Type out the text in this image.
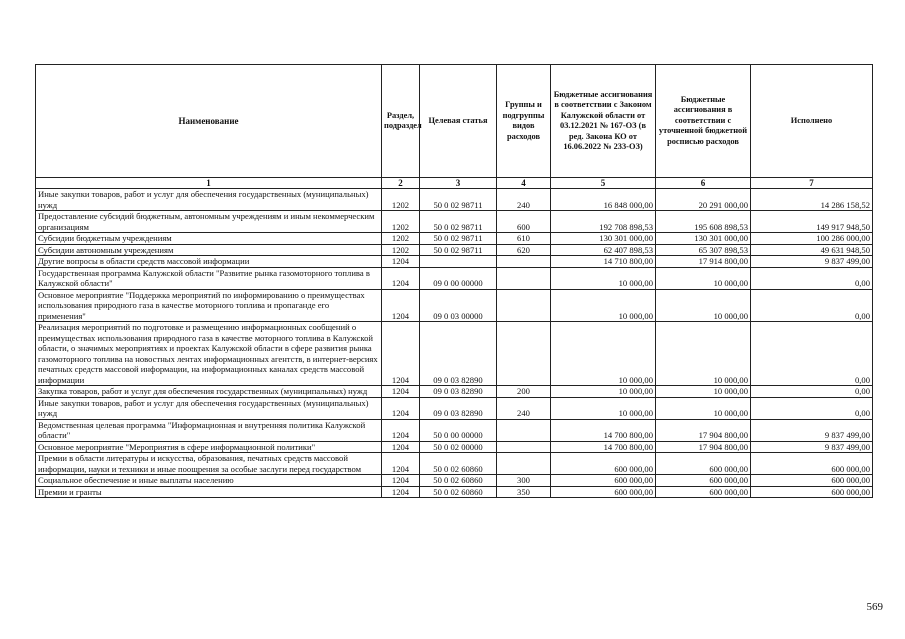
Наименование	Раздел, подраздел	Целевая статья	Группы и подгруппы видов расходов	Бюджетные ассигнования в соответствии с Законом Калужской области от 03.12.2021 № 167-ОЗ (в ред. Закона КО от 16.06.2022 № 233-ОЗ)	Бюджетные ассигнования в соответствии с уточненной бюджетной росписью расходов	Исполнено
1	2	3	4	5	6	7
Иные закупки товаров, работ и услуг для обеспечения государственных (муниципальных) нужд	1202	50 0 02 98711	240	16 848 000,00	20 291 000,00	14 286 158,52
Предоставление субсидий бюджетным, автономным учреждениям и иным некоммерческим организациям	1202	50 0 02 98711	600	192 708 898,53	195 608 898,53	149 917 948,50
Субсидии бюджетным учреждениям	1202	50 0 02 98711	610	130 301 000,00	130 301 000,00	100 286 000,00
Субсидии автономным учреждениям	1202	50 0 02 98711	620	62 407 898,53	65 307 898,53	49 631 948,50
Другие вопросы в области средств массовой информации	1204			14 710 800,00	17 914 800,00	9 837 499,00
Государственная программа Калужской области "Развитие рынка газомоторного топлива в Калужской области"	1204	09 0 00 00000		10 000,00	10 000,00	0,00
Основное мероприятие "Поддержка мероприятий по информированию о преимуществах использования природного газа в качестве моторного топлива и пропаганде его применения"	1204	09 0 03 00000		10 000,00	10 000,00	0,00
Реализация мероприятий по подготовке и размещению информационных сообщений о преимуществах использования природного газа в качестве моторного топлива в Калужской области, о значимых мероприятиях и проектах Калужской области в сфере развития рынка газомоторного топлива на новостных лентах информационных агентств, в интернет-версиях печатных средств массовой информации, на информационных каналах средств массовой информации	1204	09 0 03 82890		10 000,00	10 000,00	0,00
Закупка товаров, работ и услуг для обеспечения государственных (муниципальных) нужд	1204	09 0 03 82890	200	10 000,00	10 000,00	0,00
Иные закупки товаров, работ и услуг для обеспечения государственных (муниципальных) нужд	1204	09 0 03 82890	240	10 000,00	10 000,00	0,00
Ведомственная целевая программа "Информационная и внутренняя политика Калужской области"	1204	50 0 00 00000		14 700 800,00	17 904 800,00	9 837 499,00
Основное мероприятие "Мероприятия в сфере информационной политики"	1204	50 0 02 00000		14 700 800,00	17 904 800,00	9 837 499,00
Премии в области литературы и искусства, образования, печатных средств массовой информации, науки и техники и иные поощрения за особые заслуги перед государством	1204	50 0 02 60860		600 000,00	600 000,00	600 000,00
Социальное обеспечение и иные выплаты населению	1204	50 0 02 60860	300	600 000,00	600 000,00	600 000,00
Премии и гранты	1204	50 0 02 60860	350	600 000,00	600 000,00	600 000,00
569
